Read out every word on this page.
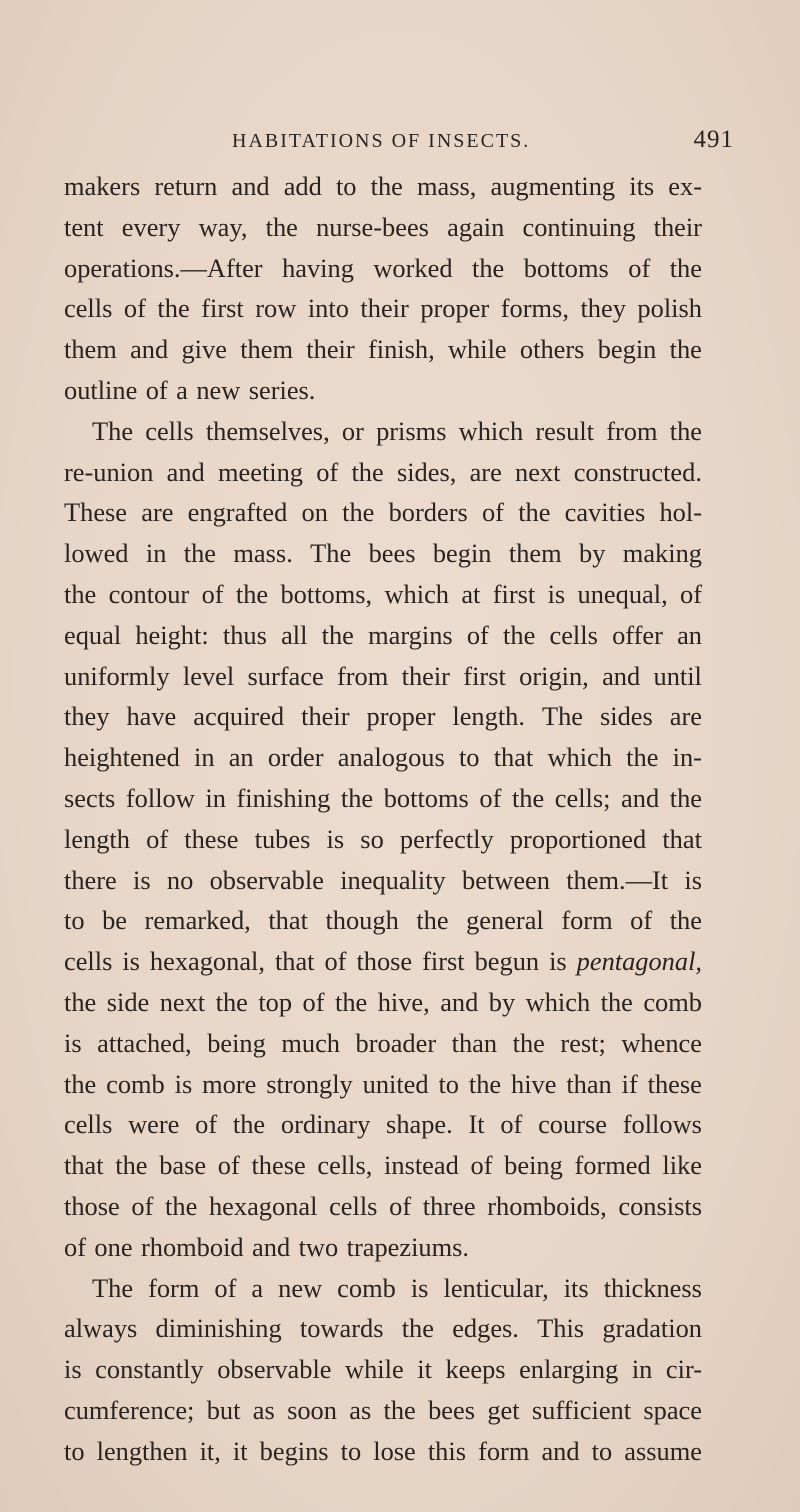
HABITATIONS OF INSECTS.	491
makers return and add to the mass, augmenting its ex-
tent every way, the nurse-bees again continuing their
operations.—After having worked the bottoms of the
cells of the first row into their proper forms, they polish
them and give them their finish, while others begin the
outline of a new series.
The cells themselves, or prisms which result from the
re-union and meeting of the sides, are next constructed.
These are engrafted on the borders of the cavities hol-
lowed in the mass. The bees begin them by making
the contour of the bottoms, which at first is unequal, of
equal height: thus all the margins of the cells offer an
uniformly level surface from their first origin, and until
they have acquired their proper length. The sides are
heightened in an order analogous to that which the in-
sects follow in finishing the bottoms of the cells; and the
length of these tubes is so perfectly proportioned that
there is no observable inequality between them.—It is
to be remarked, that though the general form of the
cells is hexagonal, that of those first begun is pentagonal,
the side next the top of the hive, and by which the comb
is attached, being much broader than the rest; whence
the comb is more strongly united to the hive than if these
cells were of the ordinary shape. It of course follows
that the base of these cells, instead of being formed like
those of the hexagonal cells of three rhomboids, consists
of one rhomboid and two trapeziums.
The form of a new comb is lenticular, its thickness
always diminishing towards the edges. This gradation
is constantly observable while it keeps enlarging in cir-
cumference; but as soon as the bees get sufficient space
to lengthen it, it begins to lose this form and to assume
